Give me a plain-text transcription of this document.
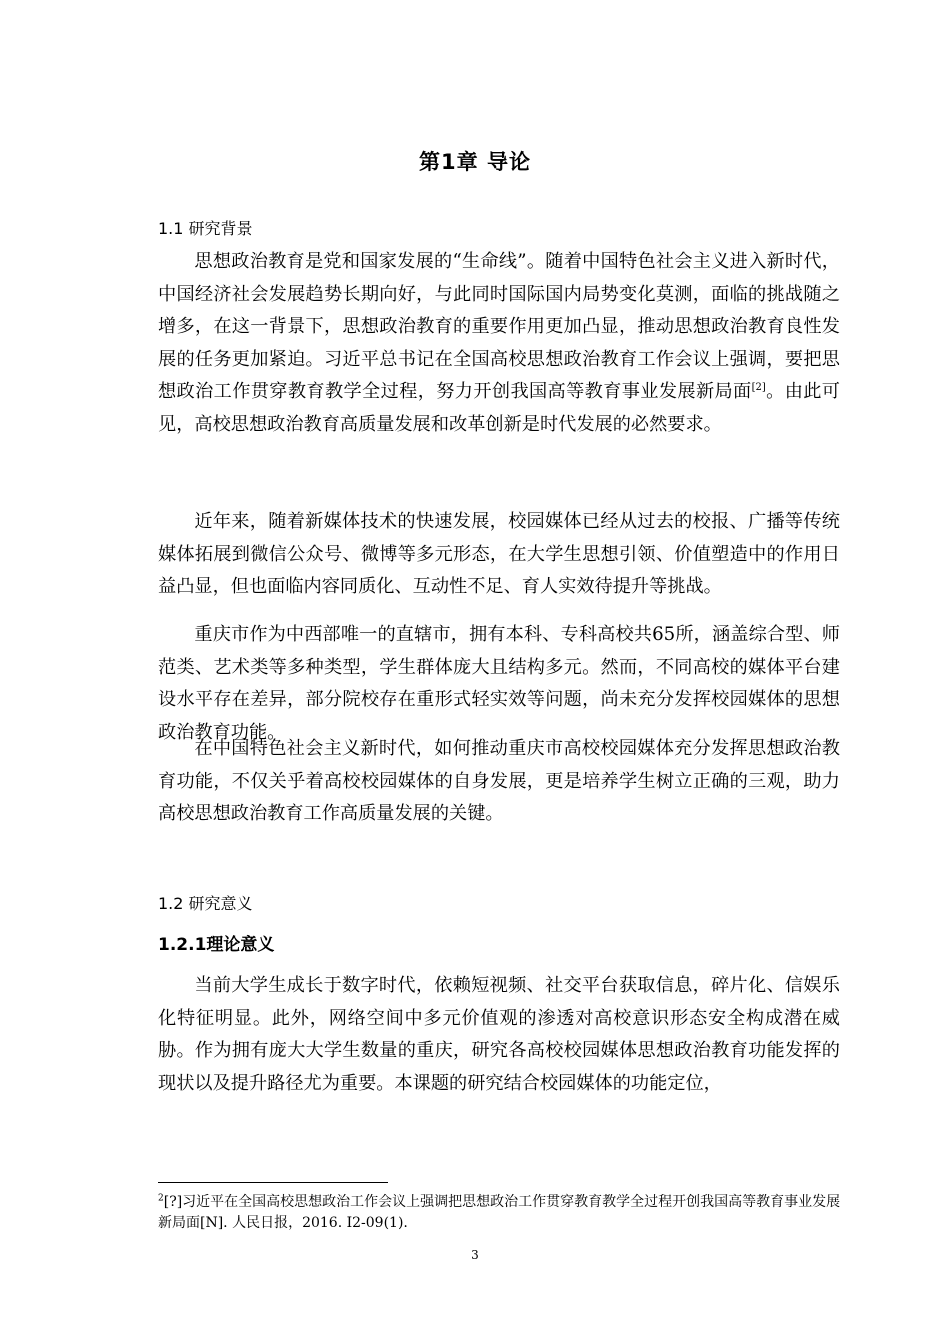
第1章 导论
1.1 研究背景

思想政治教育是党和国家发展的“生命线”。随着中国特色社会主义进入新时代，中国经济社会发展趋势长期向好，与此同时国际国内局势变化莫测，面临的挑战随之增多，在这一背景下，思想政治教育的重要作用更加凸显，推动思想政治教育良性发展的任务更加紧迫。习近平总书记在全国高校思想政治教育工作会议上强调，要把思想政治工作贯穿教育教学全过程，努力开创我国高等教育事业发展新局面[2]。由此可见，高校思想政治教育高质量发展和改革创新是时代发展的必然要求。

近年来，随着新媒体技术的快速发展，校园媒体已经从过去的校报、广播等传统媒体拓展到微信公众号、微博等多元形态，在大学生思想引领、价值塑造中的作用日益凸显，但也面临内容同质化、互动性不足、育人实效待提升等挑战。

重庆市作为中西部唯一的直辖市，拥有本科、专科高校共65所，涵盖综合型、师范类、艺术类等多种类型，学生群体庞大且结构多元。然而，不同高校的媒体平台建设水平存在差异，部分院校存在重形式轻实效等问题，尚未充分发挥校园媒体的思想政治教育功能。

在中国特色社会主义新时代，如何推动重庆市高校校园媒体充分发挥思想政治教育功能，不仅关乎着高校校园媒体的自身发展，更是培养学生树立正确的三观，助力高校思想政治教育工作高质量发展的关键。

1.2 研究意义
1.2.1理论意义

当前大学生成长于数字时代，依赖短视频、社交平台获取信息，碎片化、信娱乐化特征明显。此外，网络空间中多元价值观的渗透对高校意识形态安全构成潜在威胁。作为拥有庞大大学生数量的重庆，研究各高校校园媒体思想政治教育功能发挥的现状以及提升路径尤为重要。本课题的研究结合校园媒体的功能定位，

$^2$[?]习近平在全国高校思想政治工作会议上强调把思想政治工作贯穿教育教学全过程开创我国高等教育事业发展新局面[N]. 人民日报，2016. I2-09(1).

3
